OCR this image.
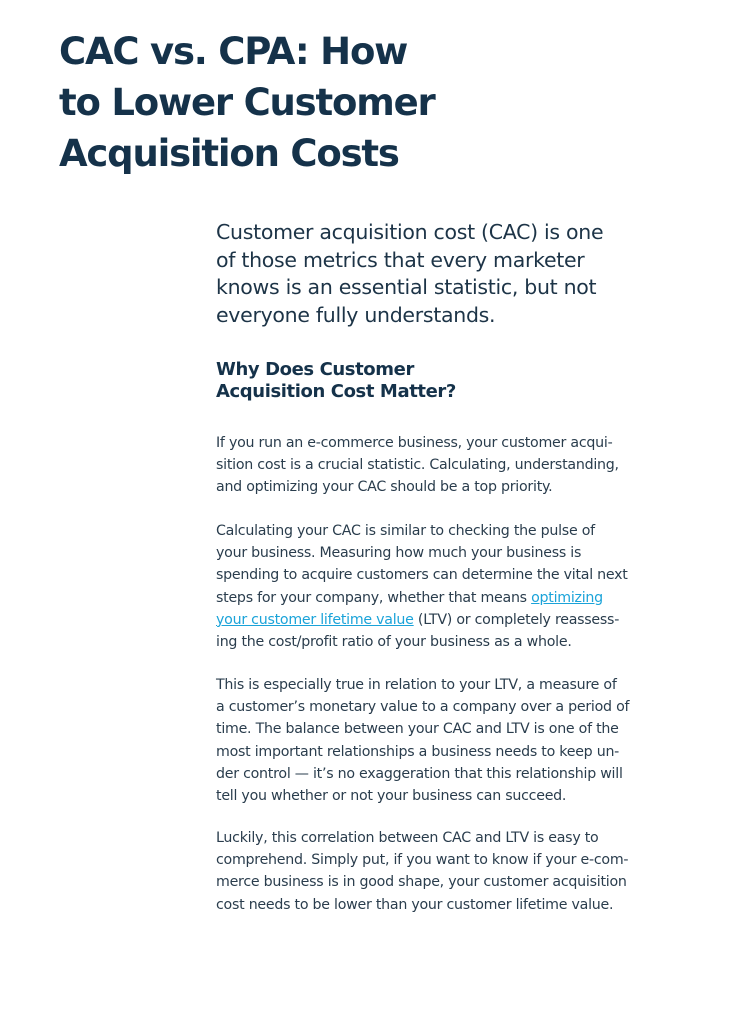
CAC vs. CPA: How
to Lower Customer
Acquisition Costs

Customer acquisition cost (CAC) is one
of those metrics that every marketer
knows is an essential statistic, but not
everyone fully understands.

Why Does Customer
Acquisition Cost Matter?

If you run an e-commerce business, your customer acqui-
sition cost is a crucial statistic. Calculating, understanding,
and optimizing your CAC should be a top priority.

Calculating your CAC is similar to checking the pulse of
your business. Measuring how much your business is
spending to acquire customers can determine the vital next
steps for your company, whether that means optimizing
your customer lifetime value (LTV) or completely reassess-
ing the cost/profit ratio of your business as a whole.

This is especially true in relation to your LTV, a measure of
a customer’s monetary value to a company over a period of
time. The balance between your CAC and LTV is one of the
most important relationships a business needs to keep un-
der control — it’s no exaggeration that this relationship will
tell you whether or not your business can succeed.

Luckily, this correlation between CAC and LTV is easy to
comprehend. Simply put, if you want to know if your e-com-
merce business is in good shape, your customer acquisition
cost needs to be lower than your customer lifetime value.
